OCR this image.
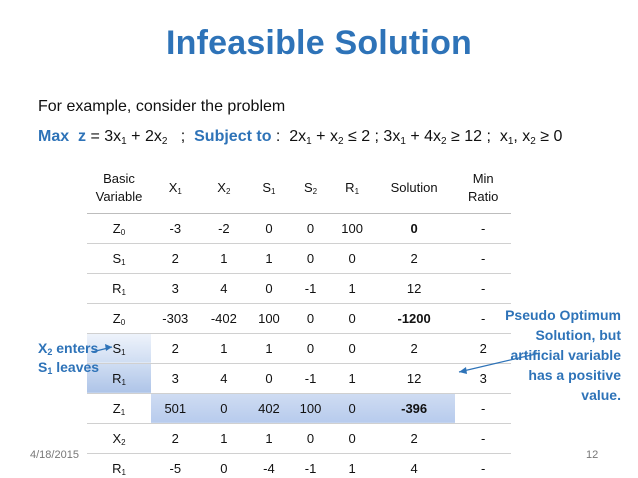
Infeasible Solution
For example, consider the problem
Max  $z = 3x_1 + 2x_2$ ; Subject to :  $2x_1 + x_2 \le 2$ ; $3x_1 + 4x_2 \ge 12$ ;  $x_1$, $x_2 \ge 0$
Basic
Variable	$X_1$	$X_2$	$S_1$	$S_2$	$R_1$	Solution	Min
Ratio
$Z_0$	-3	-2	0	0	100	0	-
$S_1$	2	1	1	0	0	2	-
$R_1$	3	4	0	-1	1	12	-
$Z_0$	-303	-402	100	0	0	-1200	-
$S_1$	2	1	1	0	0	2	2
$R_1$	3	4	0	-1	1	12	3
$Z_1$	501	0	402	100	0	-396	-
$X_2$	2	1	1	0	0	2	-
$R_1$	-5	0	-4	-1	1	4	-
$X_2$ enters
$S_1$ leaves
Pseudo Optimum Solution, but artificial variable has a positive value.
4/18/2015	12
